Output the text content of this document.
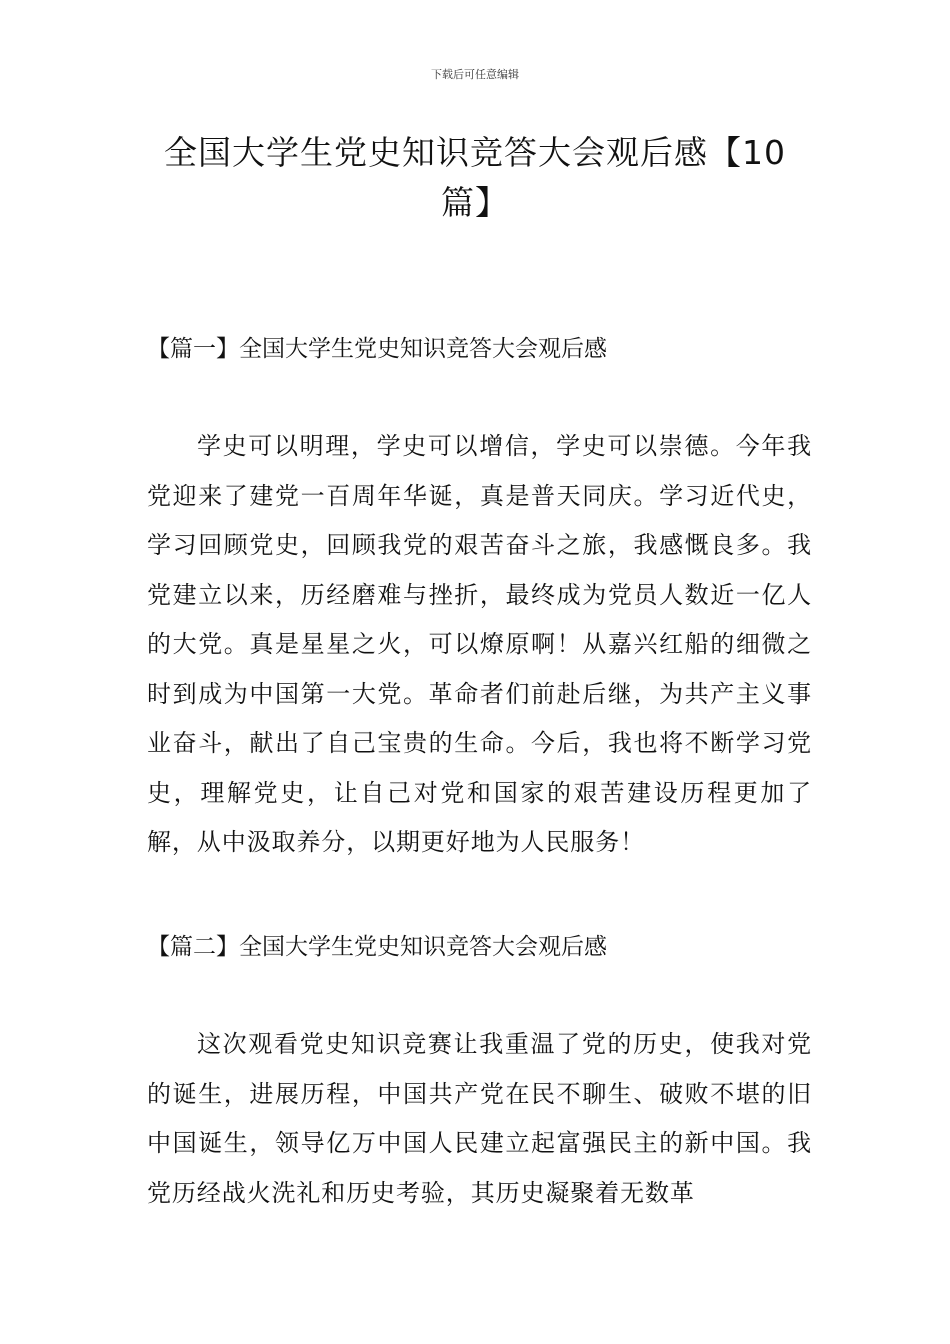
下载后可任意编辑
全国大学生党史知识竞答大会观后感【10篇】
【篇一】全国大学生党史知识竞答大会观后感

学史可以明理，学史可以增信，学史可以崇德。今年我党迎来了建党一百周年华诞，真是普天同庆。学习近代史，学习回顾党史，回顾我党的艰苦奋斗之旅，我感慨良多。我党建立以来，历经磨难与挫折，最终成为党员人数近一亿人的大党。真是星星之火，可以燎原啊！从嘉兴红船的细微之时到成为中国第一大党。革命者们前赴后继，为共产主义事业奋斗，献出了自己宝贵的生命。今后，我也将不断学习党史，理解党史，让自己对党和国家的艰苦建设历程更加了解，从中汲取养分，以期更好地为人民服务！

【篇二】全国大学生党史知识竞答大会观后感

这次观看党史知识竞赛让我重温了党的历史，使我对党的诞生，进展历程，中国共产党在民不聊生、破败不堪的旧中国诞生，领导亿万中国人民建立起富强民主的新中国。我党历经战火洗礼和历史考验，其历史凝聚着无数革
